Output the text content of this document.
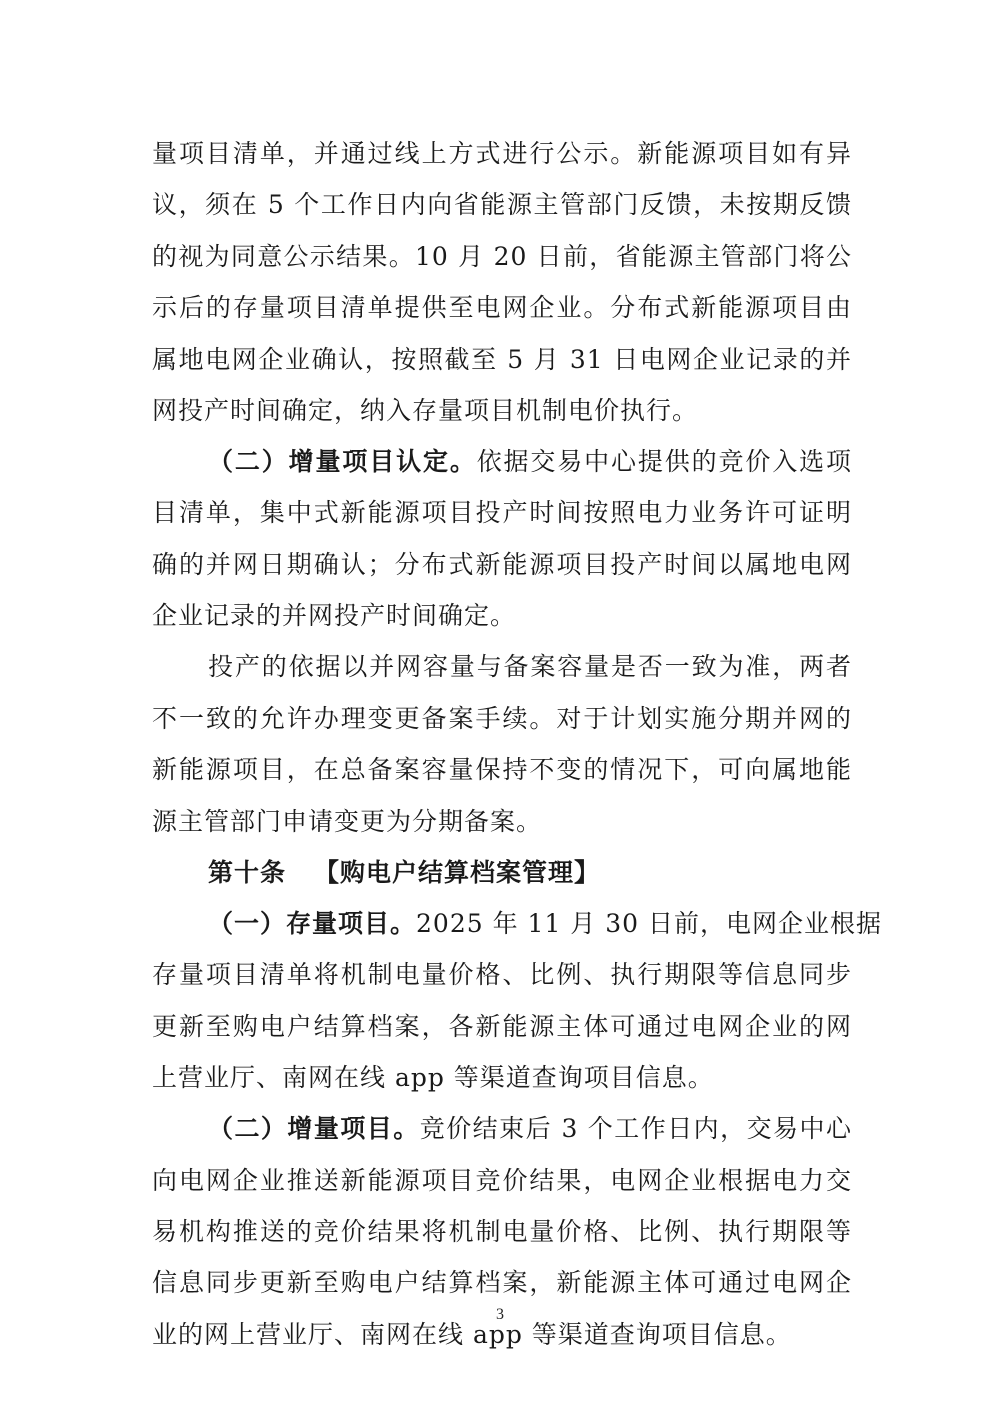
量项目清单，并通过线上方式进行公示。新能源项目如有异
议，须在 5 个工作日内向省能源主管部门反馈，未按期反馈
的视为同意公示结果。10 月 20 日前，省能源主管部门将公
示后的存量项目清单提供至电网企业。分布式新能源项目由
属地电网企业确认，按照截至 5 月 31 日电网企业记录的并
网投产时间确定，纳入存量项目机制电价执行。
（二）增量项目认定。依据交易中心提供的竞价入选项
目清单，集中式新能源项目投产时间按照电力业务许可证明
确的并网日期确认；分布式新能源项目投产时间以属地电网
企业记录的并网投产时间确定。
投产的依据以并网容量与备案容量是否一致为准，两者
不一致的允许办理变更备案手续。对于计划实施分期并网的
新能源项目，在总备案容量保持不变的情况下，可向属地能
源主管部门申请变更为分期备案。
第十条 【购电户结算档案管理】
（一）存量项目。2025 年 11 月 30 日前，电网企业根据
存量项目清单将机制电量价格、比例、执行期限等信息同步
更新至购电户结算档案，各新能源主体可通过电网企业的网
上营业厅、南网在线 app 等渠道查询项目信息。
（二）增量项目。竞价结束后 3 个工作日内，交易中心
向电网企业推送新能源项目竞价结果，电网企业根据电力交
易机构推送的竞价结果将机制电量价格、比例、执行期限等
信息同步更新至购电户结算档案，新能源主体可通过电网企
业的网上营业厅、南网在线 app 等渠道查询项目信息。
3
